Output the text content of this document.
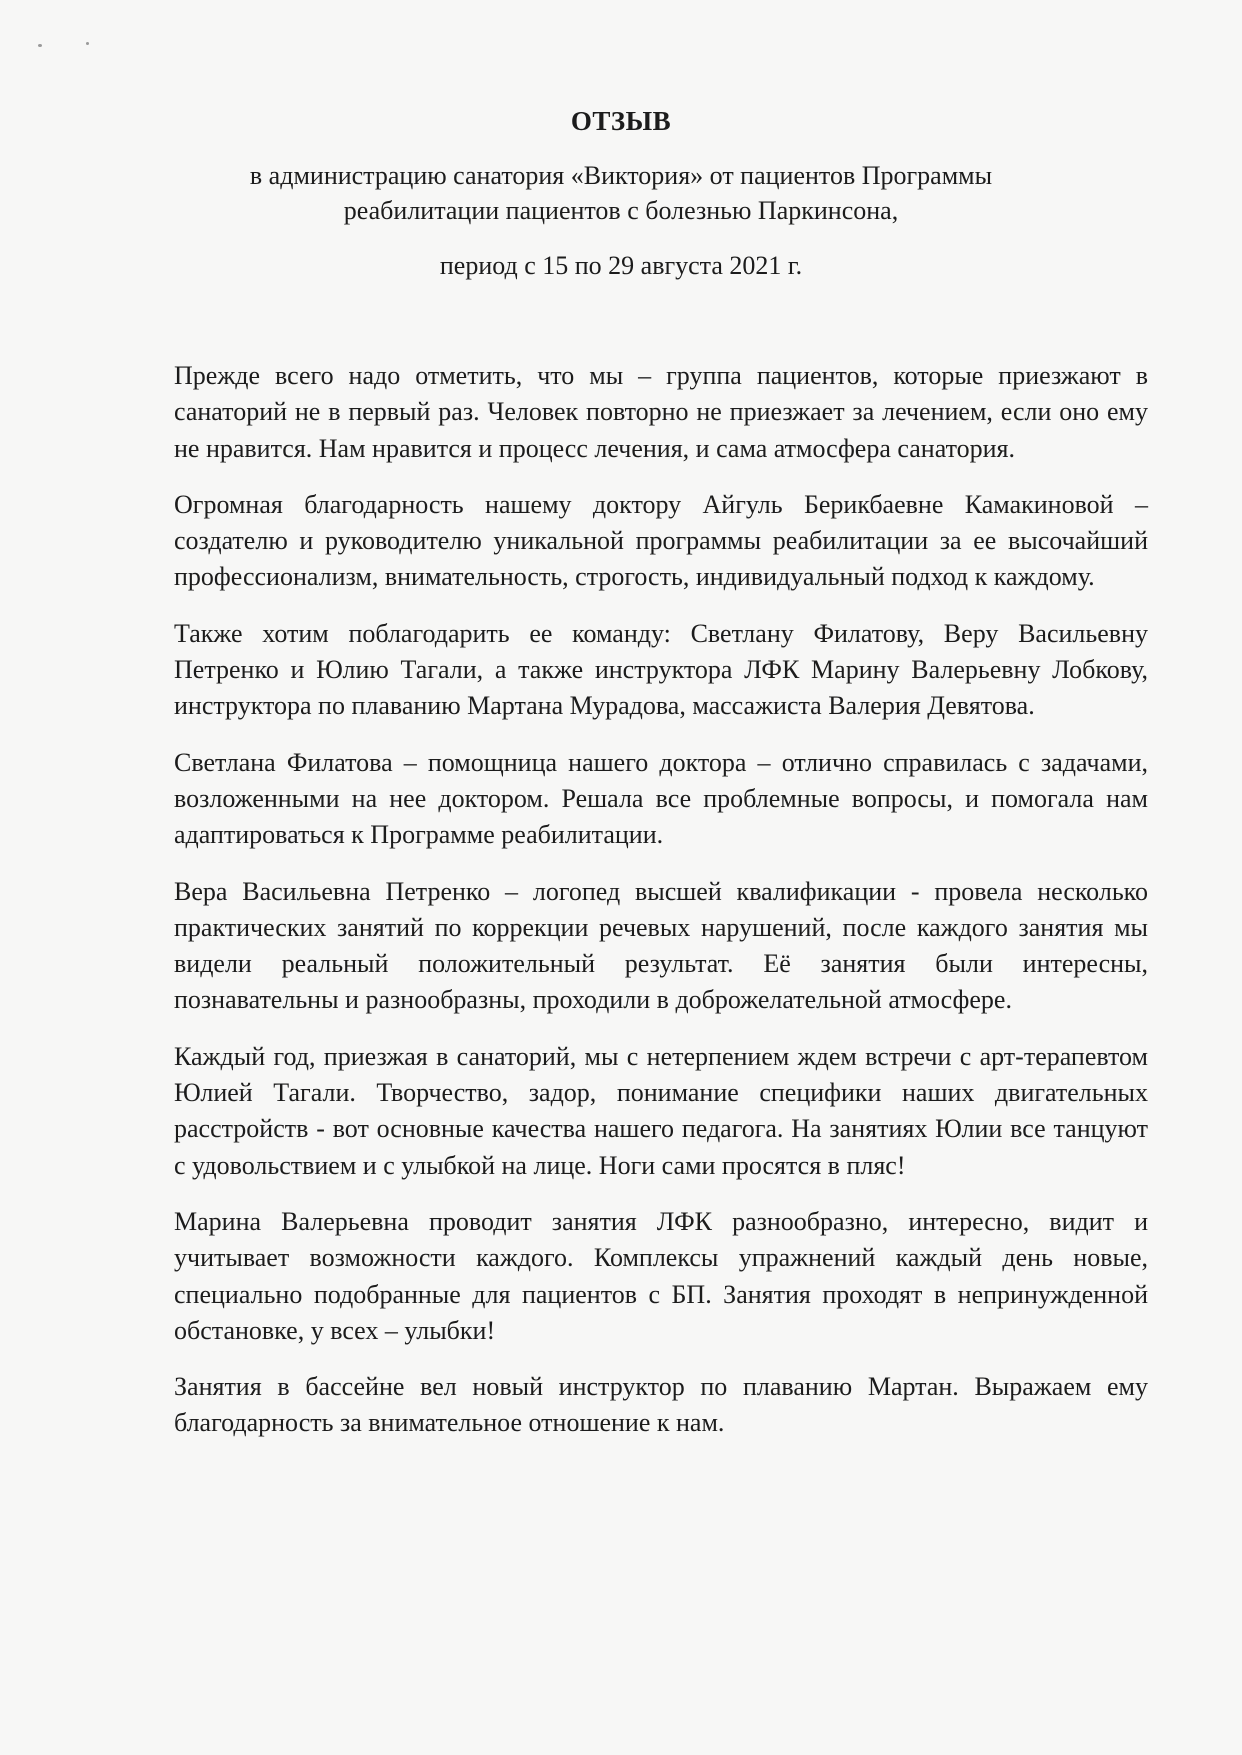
ОТЗЫВ
в администрацию санатория «Виктория» от пациентов Программы
реабилитации пациентов с болезнью Паркинсона,
период с 15 по 29 августа 2021 г.

Прежде всего надо отметить, что мы – группа пациентов, которые приезжают в санаторий не в первый раз. Человек повторно не приезжает за лечением, если оно ему не нравится. Нам нравится и процесс лечения, и сама атмосфера санатория.

Огромная благодарность нашему доктору Айгуль Берикбаевне Камакиновой – создателю и руководителю уникальной программы реабилитации за ее высочайший профессионализм, внимательность, строгость, индивидуальный подход к каждому.

Также хотим поблагодарить ее команду: Светлану Филатову, Веру Васильевну Петренко и Юлию Тагали, а также инструктора ЛФК Марину Валерьевну Лобкову, инструктора по плаванию Мартана Мурадова, массажиста Валерия Девятова.

Светлана Филатова – помощница нашего доктора – отлично справилась с задачами, возложенными на нее доктором. Решала все проблемные вопросы, и помогала нам адаптироваться к Программе реабилитации.

Вера Васильевна Петренко – логопед высшей квалификации - провела несколько практических занятий по коррекции речевых нарушений, после каждого занятия мы видели реальный положительный результат. Её занятия были интересны, познавательны и разнообразны, проходили в доброжелательной атмосфере.

Каждый год, приезжая в санаторий, мы с нетерпением ждем встречи с арт-терапевтом Юлией Тагали. Творчество, задор, понимание специфики наших двигательных расстройств - вот основные качества нашего педагога. На занятиях Юлии все танцуют с удовольствием и с улыбкой на лице. Ноги сами просятся в пляс!

Марина Валерьевна проводит занятия ЛФК разнообразно, интересно, видит и учитывает возможности каждого. Комплексы упражнений каждый день новые, специально подобранные для пациентов с БП. Занятия проходят в непринужденной обстановке, у всех – улыбки!

Занятия в бассейне вел новый инструктор по плаванию Мартан. Выражаем ему благодарность за внимательное отношение к нам.
